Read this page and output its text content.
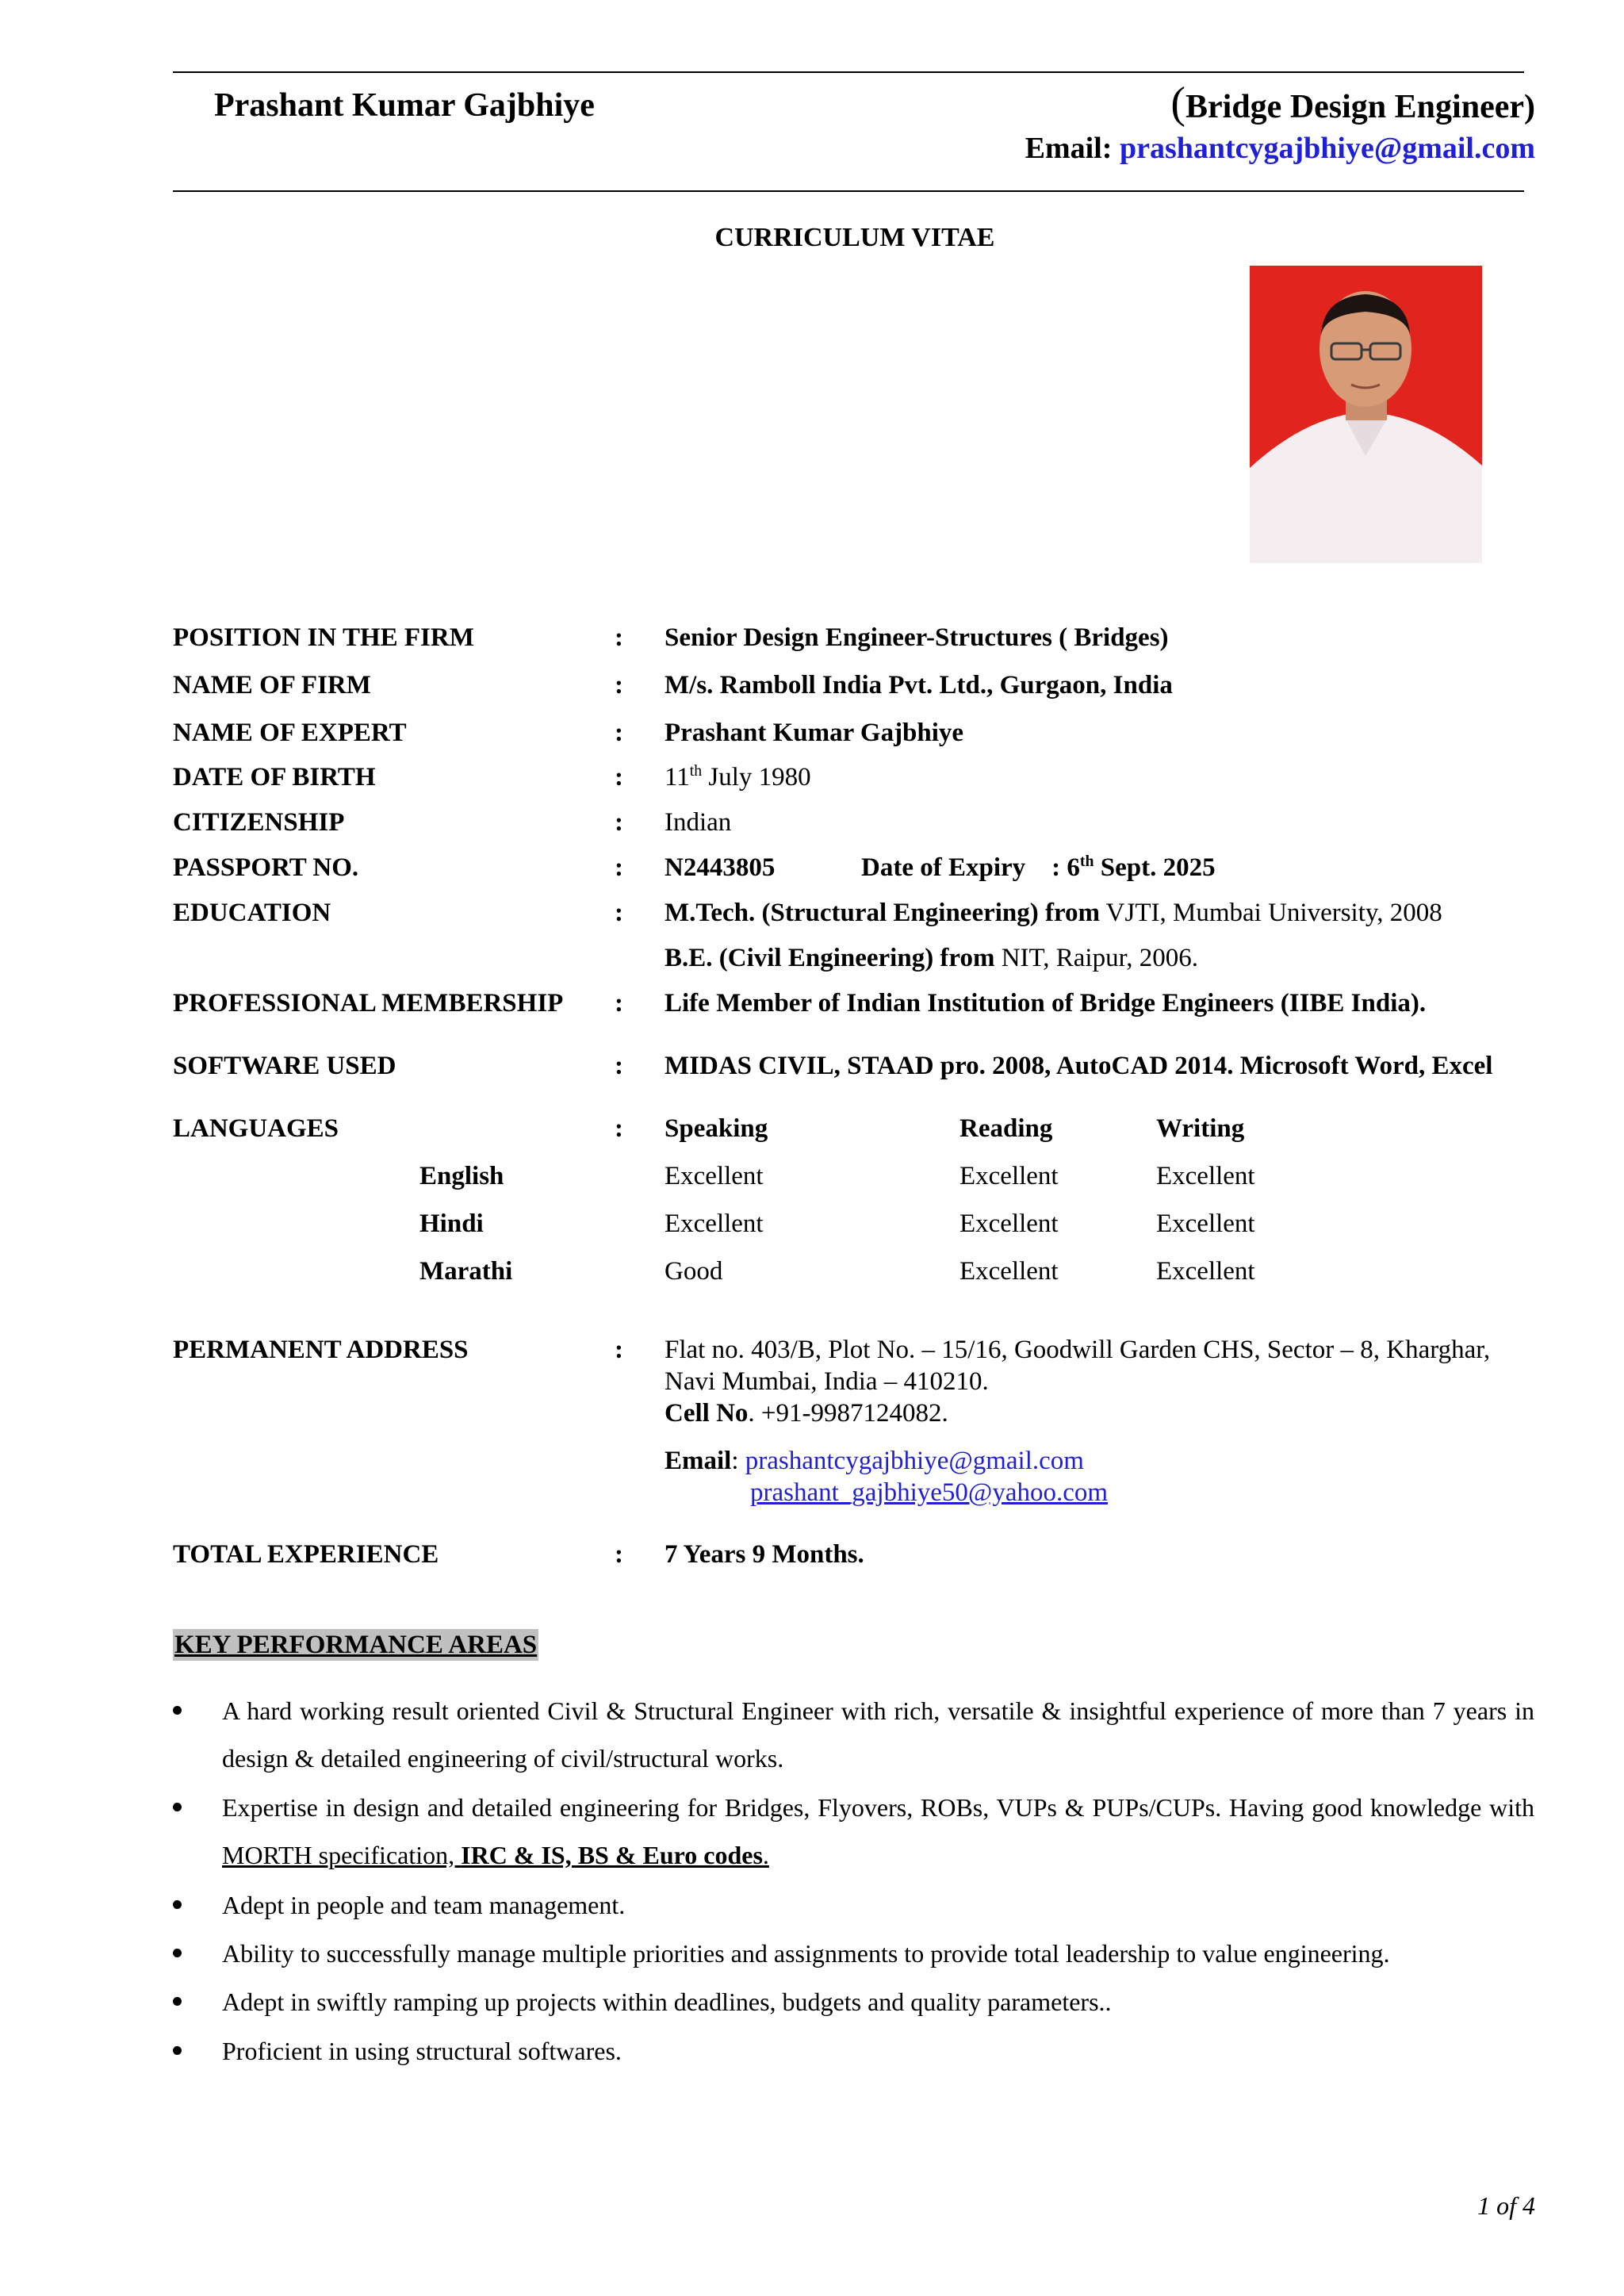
Prashant Kumar Gajbhiye	(Bridge Design Engineer)
Email: prashantcygajbhiye@gmail.com
CURRICULUM VITAE
POSITION IN THE FIRM	: Senior Design Engineer-Structures ( Bridges)
NAME OF FIRM	: M/s. Ramboll India Pvt. Ltd., Gurgaon, India
NAME OF EXPERT	: Prashant Kumar Gajbhiye
DATE OF BIRTH	: 11th July 1980
CITIZENSHIP	: Indian
PASSPORT NO.	: N2443805	Date of Expiry : 6th Sept. 2025
EDUCATION	: M.Tech. (Structural Engineering) from VJTI, Mumbai University, 2008
B.E. (Civil Engineering) from NIT, Raipur, 2006.
PROFESSIONAL MEMBERSHIP : Life Member of Indian Institution of Bridge Engineers (IIBE India).
SOFTWARE USED	: MIDAS CIVIL, STAAD pro. 2008, AutoCAD 2014. Microsoft Word, Excel
LANGUAGES	: Speaking	Reading	Writing
English	Excellent	Excellent	Excellent
Hindi	Excellent	Excellent	Excellent
Marathi	Good	Excellent	Excellent
PERMANENT ADDRESS	: Flat no. 403/B, Plot No. – 15/16, Goodwill Garden CHS, Sector – 8, Kharghar,
Navi Mumbai, India – 410210.
Cell No. +91-9987124082.
Email: prashantcygajbhiye@gmail.com
prashant_gajbhiye50@yahoo.com
TOTAL EXPERIENCE	: 7 Years 9 Months.
KEY PERFORMANCE AREAS
A hard working result oriented Civil & Structural Engineer with rich, versatile & insightful experience of more than 7 years in design & detailed engineering of civil/structural works.
Expertise in design and detailed engineering for Bridges, Flyovers, ROBs, VUPs & PUPs/CUPs. Having good knowledge with MORTH specification, IRC & IS, BS & Euro codes.
Adept in people and team management.
Ability to successfully manage multiple priorities and assignments to provide total leadership to value engineering.
Adept in swiftly ramping up projects within deadlines, budgets and quality parameters..
Proficient in using structural softwares.
1 of 4
